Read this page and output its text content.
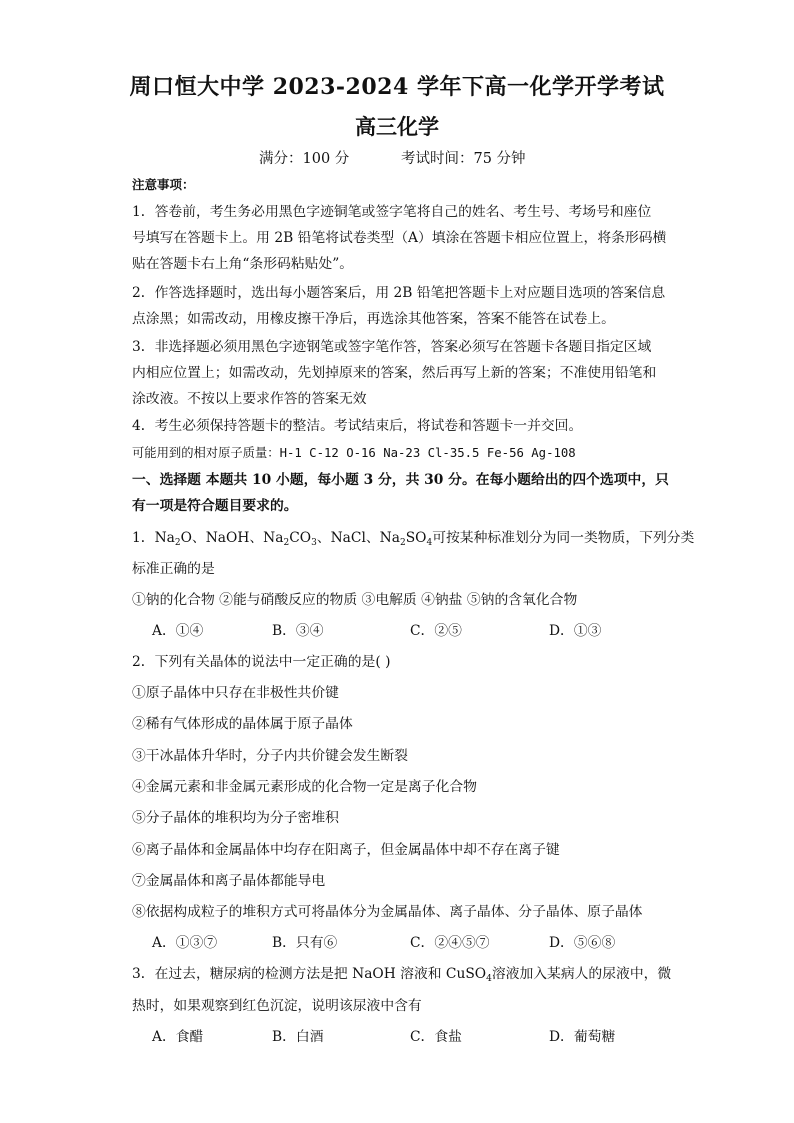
周口恒大中学 2023-2024 学年下高一化学开学考试
高三化学
满分：100 分	考试时间：75 分钟
注意事项：
1．答卷前，考生务必用黑色字迹铜笔或签字笔将自己的姓名、考生号、考场号和座位
号填写在答题卡上。用 2B 铅笔将试卷类型（A）填涂在答题卡相应位置上，将条形码横
贴在答题卡右上角“条形码粘贴处”。
2．作答选择题时，选出每小题答案后，用 2B 铅笔把答题卡上对应题目选项的答案信息
点涂黑；如需改动，用橡皮擦干净后，再选涂其他答案，答案不能答在试卷上。
3．非选择题必须用黑色字迹钢笔或签字笔作答，答案必须写在答题卡各题目指定区域
内相应位置上；如需改动，先划掉原来的答案，然后再写上新的答案；不准使用铅笔和
涂改液。不按以上要求作答的答案无效
4．考生必须保持答题卡的整洁。考试结束后，将试卷和答题卡一并交回。
可能用到的相对原子质量：H-1 C-12 O-16 Na-23 Cl-35.5 Fe-56 Ag-108
一、选择题 本题共 10 小题，每小题 3 分，共 30 分。在每小题给出的四个选项中，只
有一项是符合题目要求的。
1．$Na_2O$、NaOH、$Na_2CO_3$、NaCl、$Na_2SO_4$可按某种标准划分为同一类物质，下列分类
标准正确的是
①钠的化合物 ②能与硝酸反应的物质 ③电解质 ④钠盐 ⑤钠的含氧化合物
A．①④	B．③④	C．②⑤	D．①③
2．下列有关晶体的说法中一定正确的是( )
①原子晶体中只存在非极性共价键
②稀有气体形成的晶体属于原子晶体
③干冰晶体升华时，分子内共价键会发生断裂
④金属元素和非金属元素形成的化合物一定是离子化合物
⑤分子晶体的堆积均为分子密堆积
⑥离子晶体和金属晶体中均存在阳离子，但金属晶体中却不存在离子键
⑦金属晶体和离子晶体都能导电
⑧依据构成粒子的堆积方式可将晶体分为金属晶体、离子晶体、分子晶体、原子晶体
A．①③⑦	B．只有⑥	C．②④⑤⑦	D．⑤⑥⑧
3．在过去，糖尿病的检测方法是把 NaOH 溶液和 CuSO$_4$溶液加入某病人的尿液中，微
热时，如果观察到红色沉淀，说明该尿液中含有
A．食醋	B．白酒	C．食盐	D．葡萄糖
